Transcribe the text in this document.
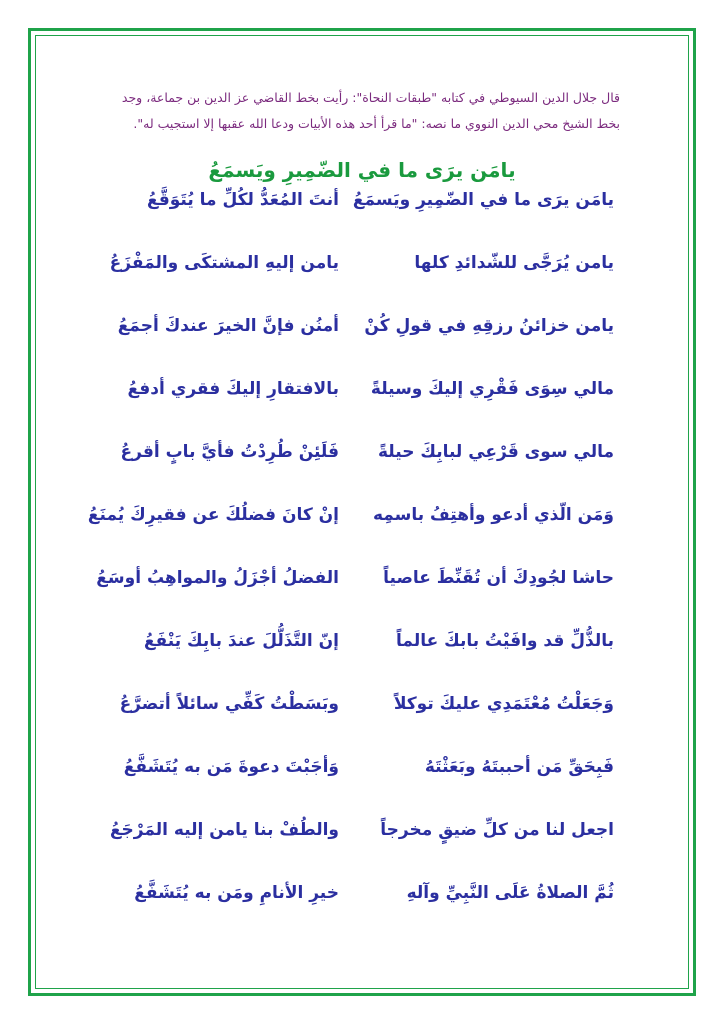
قال جلال الدين السيوطي في كتابه "طبقات النحاة": رأيت بخط القاضي عز الدين بن جماعة، وجد بخط الشيخ محي الدين النووي ما نصه: "ما قرأ أحد هذه الأبيات ودعا الله عقبها إلا استجيب له".
يامَن يرَى ما في الضّمِيرِ ويَسمَعُ
يامَن يرَى ما في الضّمِيرِ ويَسمَعُ
أنتَ المُعَدُّ لكُلِّ ما يُتَوَقَّعُ
يامن يُرَجَّى للشّدائدِ كلها
يامن إليهِ المشتكَى والمَفْزَعُ
يامن خزائنُ رزقِهِ في قولِ كُنْ
أمنُن فإنَّ الخيرَ عندكَ أجمَعُ
مالي سِوَى فَقْرِي إليكَ وسيلةً
بالافتقارِ إليكَ فقري أدفعُ
مالي سوى قَرْعِي لبابِكَ حيلةً
فَلَئِنْ طُرِدْتُ فأيَّ بابٍ أقرعُ
وَمَن الّذي أدعو وأهتِفُ باسمِه
إنْ كانَ فضلُكَ عن فقيرِكَ يُمنَعُ
حاشا لجُودِكَ أن تُقَنِّطَ عاصياً
الفضلُ أجْزَلُ والمواهِبُ أوسَعُ
بالذُّلِّ قد وافَيْتُ بابكَ عالماً
إنّ التَّذَلُّلَ عندَ بابِكَ يَنْفَعُ
وَجَعَلْتُ مُعْتَمَدِي عليكَ توكلاً
وبَسَطْتُ كَفِّي سائلاً أتضرَّعُ
فَبِحَقِّ مَن أحببتَهُ وبَعَثْتَهُ
وَأجَبْتَ دعوةَ مَن به يُتَشَفَّعُ
اجعل لنا من كلِّ ضيقٍ مخرجاً
والطُفْ بنا يامن إليه المَرْجَعُ
ثُمَّ الصلاةُ عَلَى النَّبِيِّ وآلهِ
خيرِ الأنامِ ومَن به يُتَشَفَّعُ
